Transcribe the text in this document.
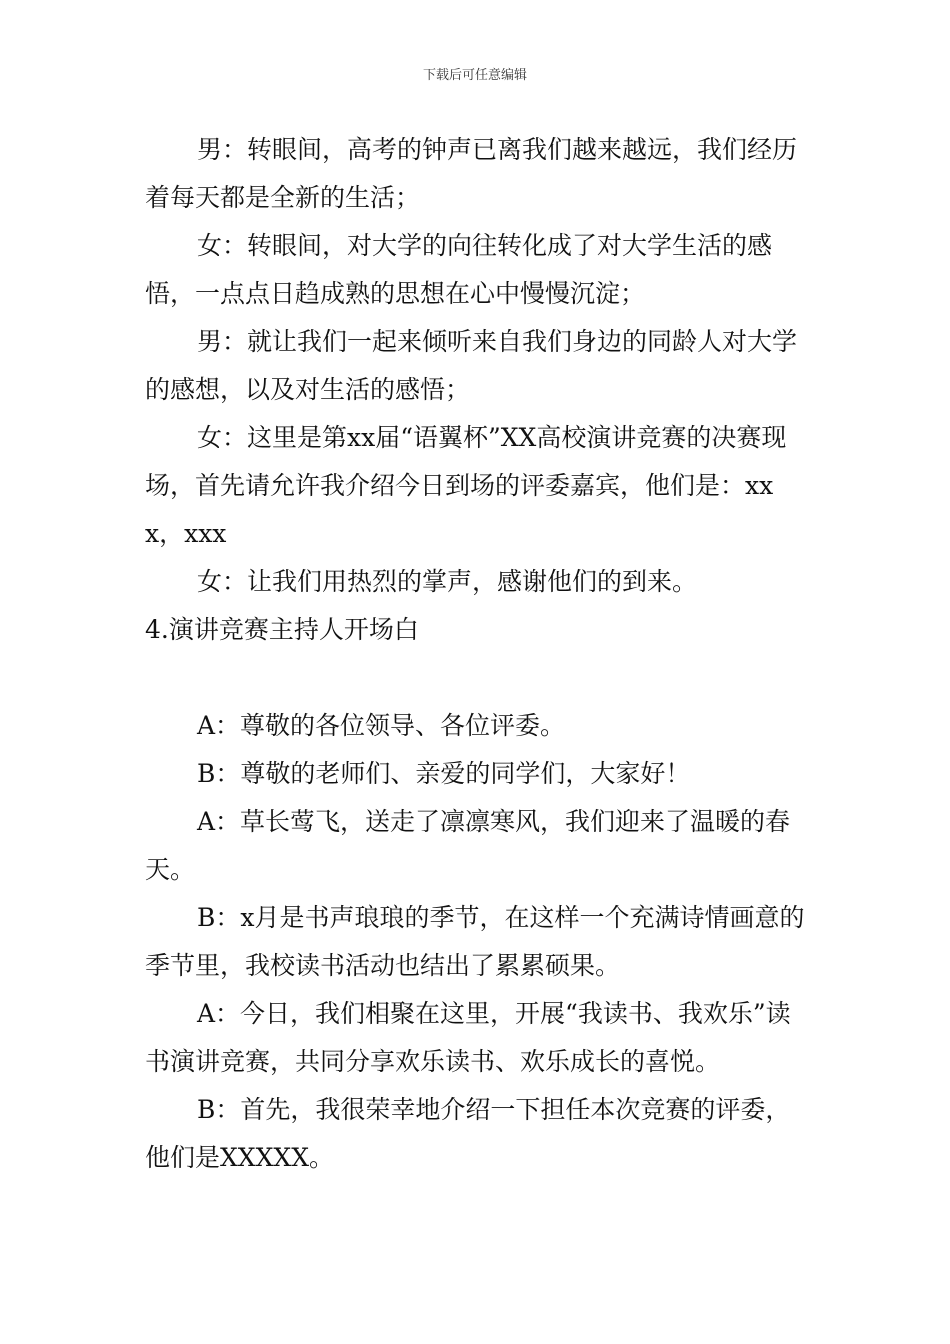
下载后可任意编辑

男：转眼间，高考的钟声已离我们越来越远，我们经历着每天都是全新的生活；

女：转眼间，对大学的向往转化成了对大学生活的感悟，一点点日趋成熟的思想在心中慢慢沉淀；

男：就让我们一起来倾听来自我们身边的同龄人对大学的感想，以及对生活的感悟；

女：这里是第xx届“语翼杯”XX高校演讲竞赛的决赛现场，首先请允许我介绍今日到场的评委嘉宾，他们是：xxx，xxx

女：让我们用热烈的掌声，感谢他们的到来。

4.演讲竞赛主持人开场白

A：尊敬的各位领导、各位评委。

B：尊敬的老师们、亲爱的同学们，大家好！

A：草长莺飞，送走了凛凛寒风，我们迎来了温暖的春天。

B：x月是书声琅琅的季节，在这样一个充满诗情画意的季节里，我校读书活动也结出了累累硕果。

A：今日，我们相聚在这里，开展“我读书、我欢乐”读书演讲竞赛，共同分享欢乐读书、欢乐成长的喜悦。

B：首先，我很荣幸地介绍一下担任本次竞赛的评委，他们是XXXXX。
